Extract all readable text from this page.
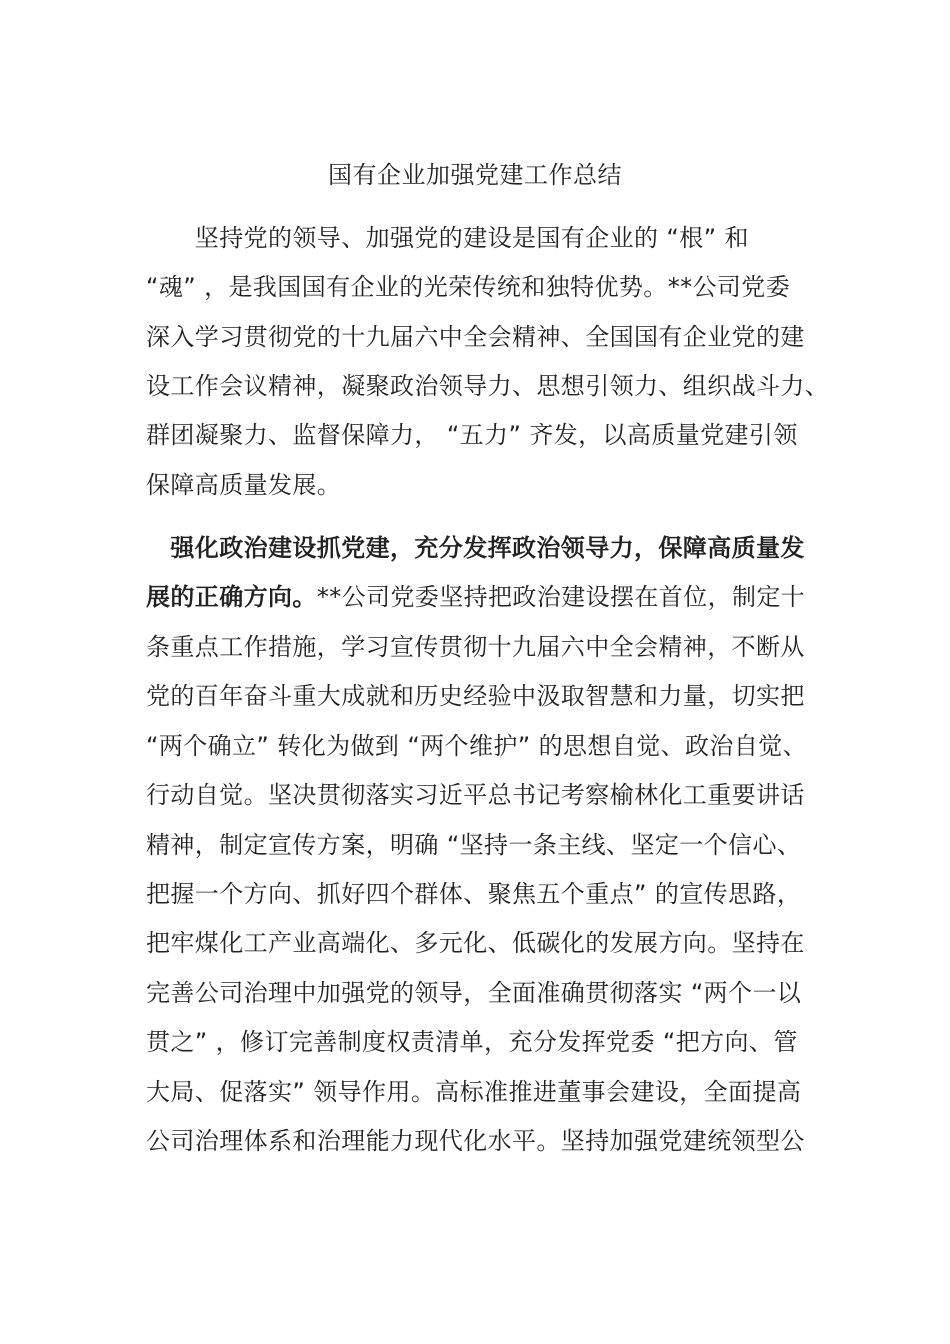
国有企业加强党建工作总结
　　坚持党的领导、加强党的建设是国有企业的 “根” 和
“魂” ，是我国国有企业的光荣传统和独特优势。**公司党委
深入学习贯彻党的十九届六中全会精神、全国国有企业党的建
设工作会议精神，凝聚政治领导力、思想引领力、组织战斗力、
群团凝聚力、监督保障力， “五力” 齐发，以高质量党建引领
保障高质量发展。
　强化政治建设抓党建，充分发挥政治领导力，保障高质量发
展的正确方向。**公司党委坚持把政治建设摆在首位，制定十
条重点工作措施，学习宣传贯彻十九届六中全会精神，不断从
党的百年奋斗重大成就和历史经验中汲取智慧和力量，切实把
“两个确立” 转化为做到 “两个维护” 的思想自觉、政治自觉、
行动自觉。坚决贯彻落实习近平总书记考察榆林化工重要讲话
精神，制定宣传方案，明确 “坚持一条主线、坚定一个信心、
把握一个方向、抓好四个群体、聚焦五个重点” 的宣传思路，
把牢煤化工产业高端化、多元化、低碳化的发展方向。坚持在
完善公司治理中加强党的领导，全面准确贯彻落实 “两个一以
贯之” ，修订完善制度权责清单，充分发挥党委 “把方向、管
大局、促落实” 领导作用。高标准推进董事会建设，全面提高
公司治理体系和治理能力现代化水平。坚持加强党建统领型公
